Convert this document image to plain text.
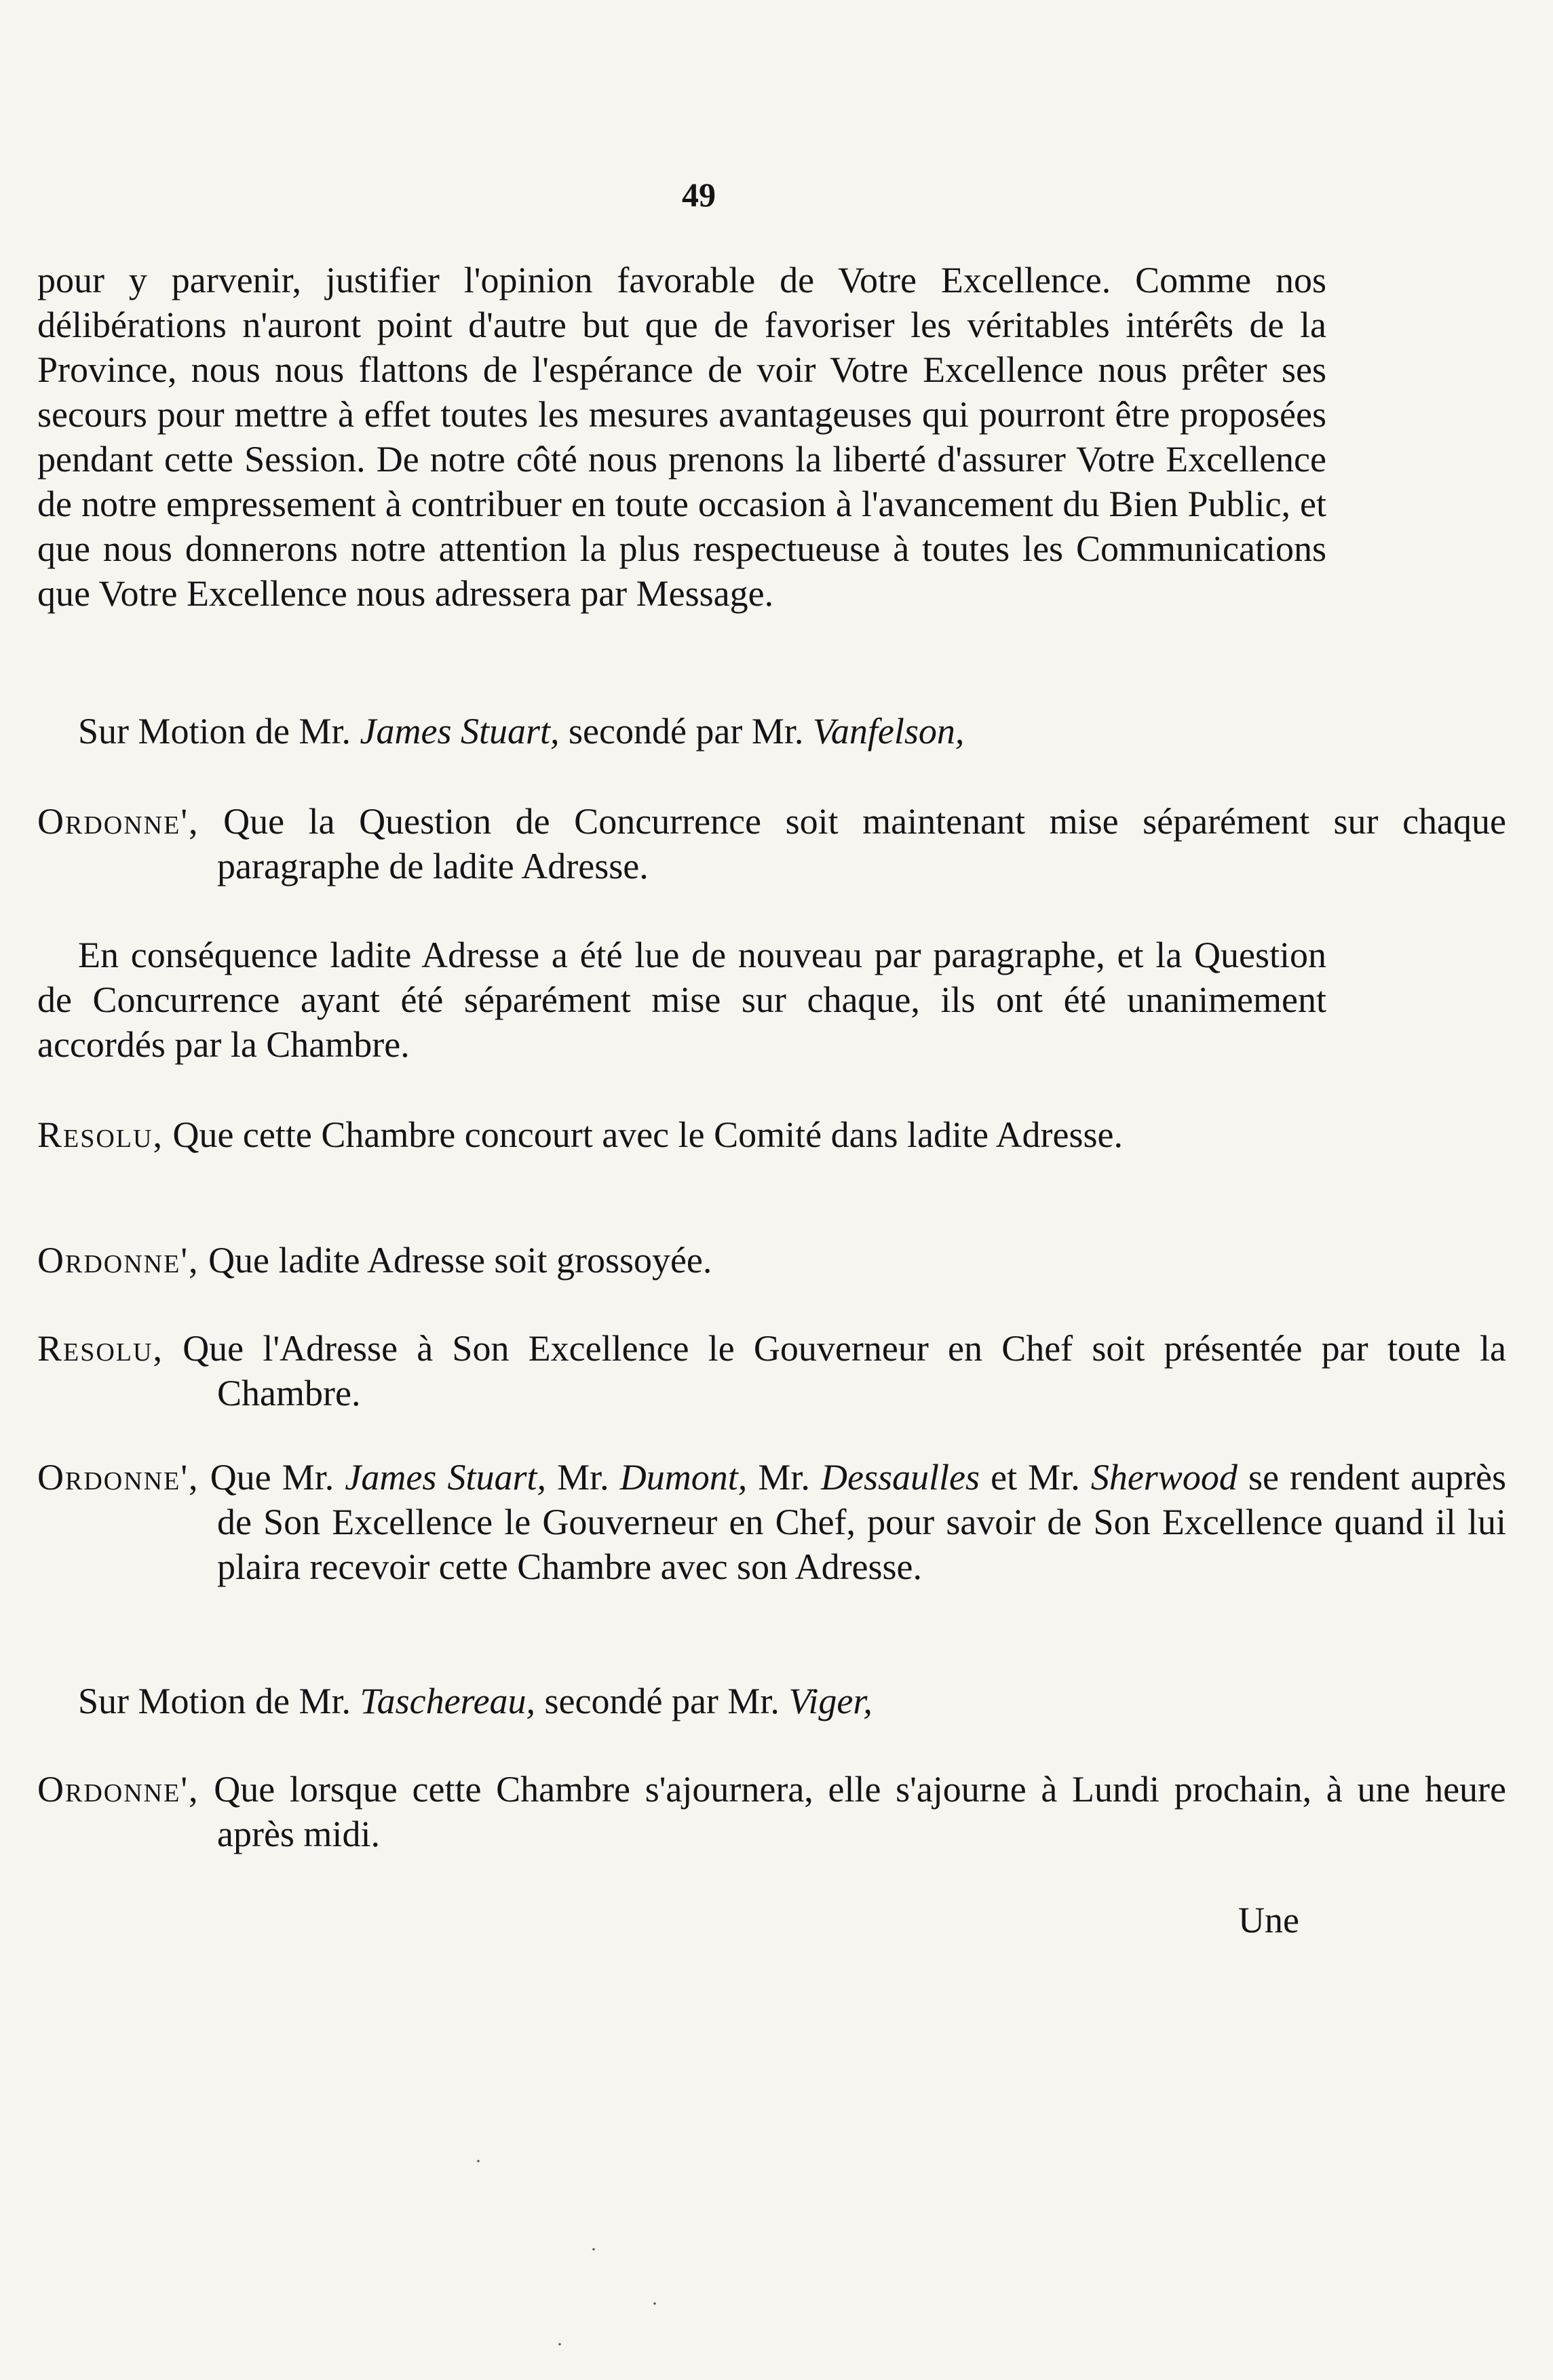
49

pour y parvenir, justifier l'opinion favorable de Votre Excellence. Comme nos délibérations n'auront point d'autre but que de favoriser les véritables intérêts de la Province, nous nous flattons de l'espérance de voir Votre Excellence nous prêter ses secours pour mettre à effet toutes les mesures avantageuses qui pourront être proposées pendant cette Session. De notre côté nous prenons la liberté d'assurer Votre Excellence de notre empressement à contribuer en toute occasion à l'avancement du Bien Public, et que nous donnerons notre attention la plus respectueuse à toutes les Communications que Votre Excellence nous adressera par Message.

Sur Motion de Mr. James Stuart, secondé par Mr. Vanfelson,

Ordonne', Que la Question de Concurrence soit maintenant mise séparément sur chaque paragraphe de ladite Adresse.

En conséquence ladite Adresse a été lue de nouveau par paragraphe, et la Question de Concurrence ayant été séparément mise sur chaque, ils ont été unanimement accordés par la Chambre.

Resolu, Que cette Chambre concourt avec le Comité dans ladite Adresse.

Ordonne', Que ladite Adresse soit grossoyée.

Resolu, Que l'Adresse à Son Excellence le Gouverneur en Chef soit présentée par toute la Chambre.

Ordonne', Que Mr. James Stuart, Mr. Dumont, Mr. Dessaulles et Mr. Sherwood se rendent auprès de Son Excellence le Gouverneur en Chef, pour savoir de Son Excellence quand il lui plaira recevoir cette Chambre avec son Adresse.

Sur Motion de Mr. Taschereau, secondé par Mr. Viger,

Ordonne', Que lorsque cette Chambre s'ajournera, elle s'ajourne à Lundi prochain, à une heure après midi.

Une
·
·
·
·
